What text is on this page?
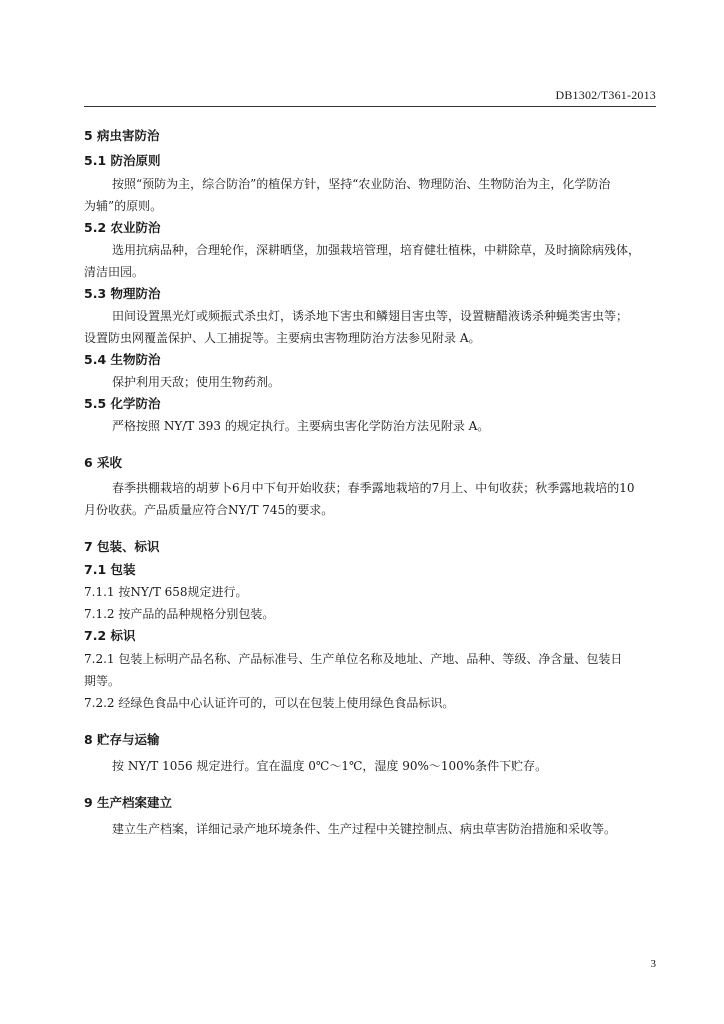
DB1302/T361-2013
5 病虫害防治
5.1 防治原则
按照“预防为主，综合防治”的植保方针，坚持“农业防治、物理防治、生物防治为主，化学防治
为辅”的原则。
5.2 农业防治
选用抗病品种，合理轮作，深耕晒垡，加强栽培管理，培育健壮植株，中耕除草，及时摘除病残体，
清洁田园。
5.3 物理防治
田间设置黑光灯或频振式杀虫灯，诱杀地下害虫和鳞翅目害虫等，设置糖醋液诱杀种蝇类害虫等；
设置防虫网覆盖保护、人工捕捉等。主要病虫害物理防治方法参见附录 A。
5.4 生物防治
保护利用天敌；使用生物药剂。
5.5 化学防治
严格按照 NY/T 393 的规定执行。主要病虫害化学防治方法见附录 A。
6 采收
春季拱棚栽培的胡萝卜6月中下旬开始收获；春季露地栽培的7月上、中旬收获；秋季露地栽培的10
月份收获。产品质量应符合NY/T 745的要求。
7 包装、标识
7.1 包装
7.1.1 按NY/T 658规定进行。
7.1.2 按产品的品种规格分别包装。
7.2 标识
7.2.1 包装上标明产品名称、产品标准号、生产单位名称及地址、产地、品种、等级、净含量、包装日
期等。
7.2.2 经绿色食品中心认证许可的，可以在包装上使用绿色食品标识。
8 贮存与运输
按 NY/T 1056 规定进行。宜在温度 0℃～1℃，湿度 90%～100%条件下贮存。
9 生产档案建立
建立生产档案，详细记录产地环境条件、生产过程中关键控制点、病虫草害防治措施和采收等。
3
